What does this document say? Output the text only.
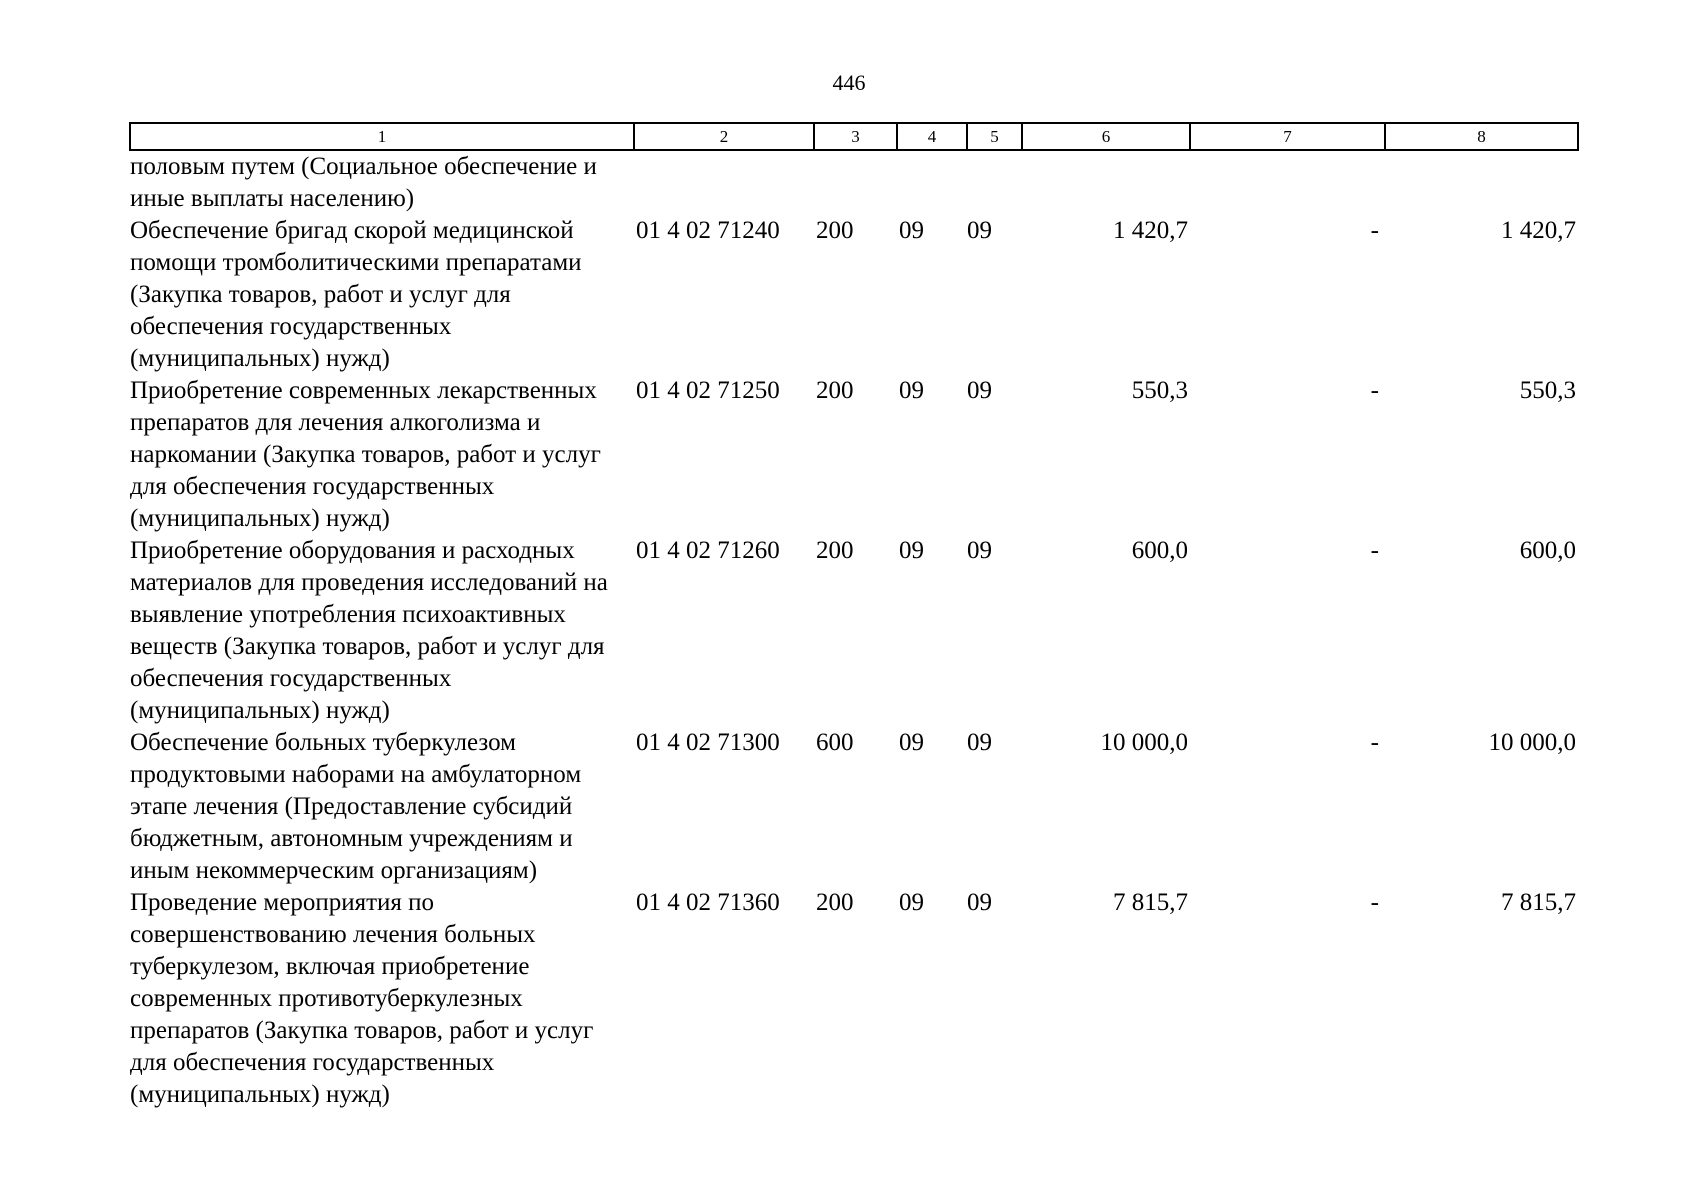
446
1	2	3	4	5	6	7	8
половым путем (Социальное обеспечение и иные выплаты населению)							
Обеспечение бригад скорой медицинской помощи тромболитическими препаратами (Закупка товаров, работ и услуг для обеспечения государственных (муниципальных) нужд)	01 4 02 71240	200	09	09	1 420,7	-	1 420,7
Приобретение современных лекарственных препаратов для лечения алкоголизма и наркомании (Закупка товаров, работ и услуг для обеспечения государственных (муниципальных) нужд)	01 4 02 71250	200	09	09	550,3	-	550,3
Приобретение оборудования и расходных материалов для проведения исследований на выявление употребления психоактивных веществ (Закупка товаров, работ и услуг для обеспечения государственных (муниципальных) нужд)	01 4 02 71260	200	09	09	600,0	-	600,0
Обеспечение больных туберкулезом продуктовыми наборами на амбулаторном этапе лечения (Предоставление субсидий бюджетным, автономным учреждениям и иным некоммерческим организациям)	01 4 02 71300	600	09	09	10 000,0	-	10 000,0
Проведение мероприятия по совершенствованию лечения больных туберкулезом, включая приобретение современных противотуберкулезных препаратов (Закупка товаров, работ и услуг для обеспечения государственных (муниципальных) нужд)	01 4 02 71360	200	09	09	7 815,7	-	7 815,7
